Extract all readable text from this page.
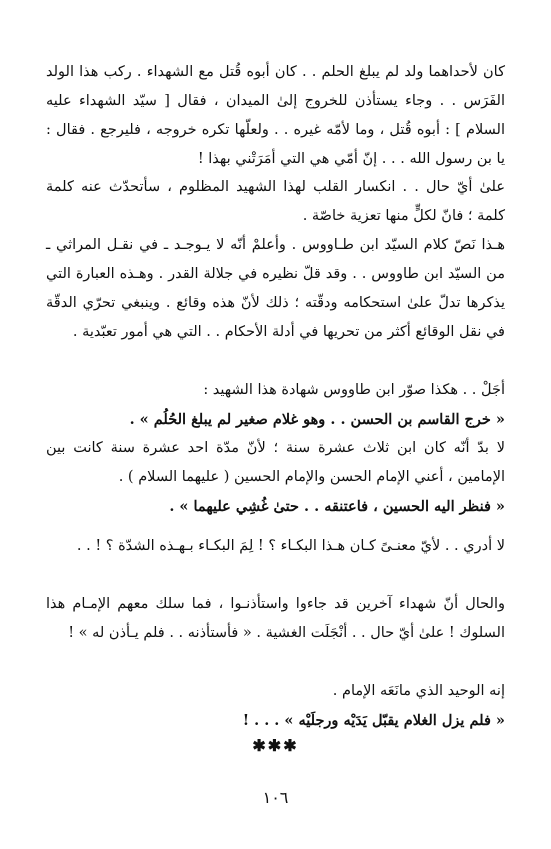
كان لأحداهما ولد لم يبلغ الحلم . . كان أبوه قُتل مع الشهداء . ركب هذا الولد الفَرَس . . وجاء يستأذن للخروج إلىٰ الميدان ، فقال [ سيّد الشهداء عليه السلام ] : أبوه قُتل ، وما لأمّه غيره . . ولعلّها تكره خروجه ، فليرجع . فقال : يا بن رسول الله . . . إنّ أمّي هي التي أمَرَتْني بهذا !

علىٰ أيّ حال . . انكسار القلب لهذا الشهيد المظلوم ، سأتحدّث عنه كلمة كلمة ؛ فانّ لكلٍّ منها تعزية خاصّة .

هـذا نَصّ كلام السيّد ابن طـاووس . وأعلمْ أنّه لا يـوجـد ـ في نقـل المراثي ـ من السيّد ابن طاووس . . وقد قلّ نظيره في جلالة القدر . وهـذه العبارة التي يذكرها تدلّ علىٰ استحكامه ودقّته ؛ ذلك لأنّ هذه وقائع . وينبغي تحرّي الدقّة في نقل الوقائع أكثر من تحريها في أدلة الأحكام . . التي هي أمور تعبّدية .

أجَلْ . . هكذا صوّر ابن طاووس شهادة هذا الشهيد :

« خرج القاسم بن الحسن . . وهو غلام صغير لم يبلغ الحُلُم » .

لا بدّ أنّه كان ابن ثلاث عشرة سنة ؛ لأنّ مدّة احد عشرة سنة كانت بين الإمامين ، أعني الإمام الحسن والإمام الحسين ( عليهما السلام ) .

« فنظر اليه الحسين ، فاعتنقه . . حتىٰ غُشِي عليهما » .

لا أدري . . لأيّ معنـىً كـان هـذا البكـاء ؟ ! لِمَ البكـاء بـهـذه الشدّة ؟ ! . .

والحال أنّ شهداء آخرين قد جاءوا واستأذنـوا ، فما سلك معهم الإمـام هذا السلوك ! علىٰ أيّ حال . . أنْجَلَت الغشية . « فأستأذنه . . فلم يـأذن له » !

إنه الوحيد الذي مانَعَه الإمام .

« فلم يزل الغلام يقبّل يَدَيْه ورجلَيْه » . . . !

✱✱✱
١٠٦
